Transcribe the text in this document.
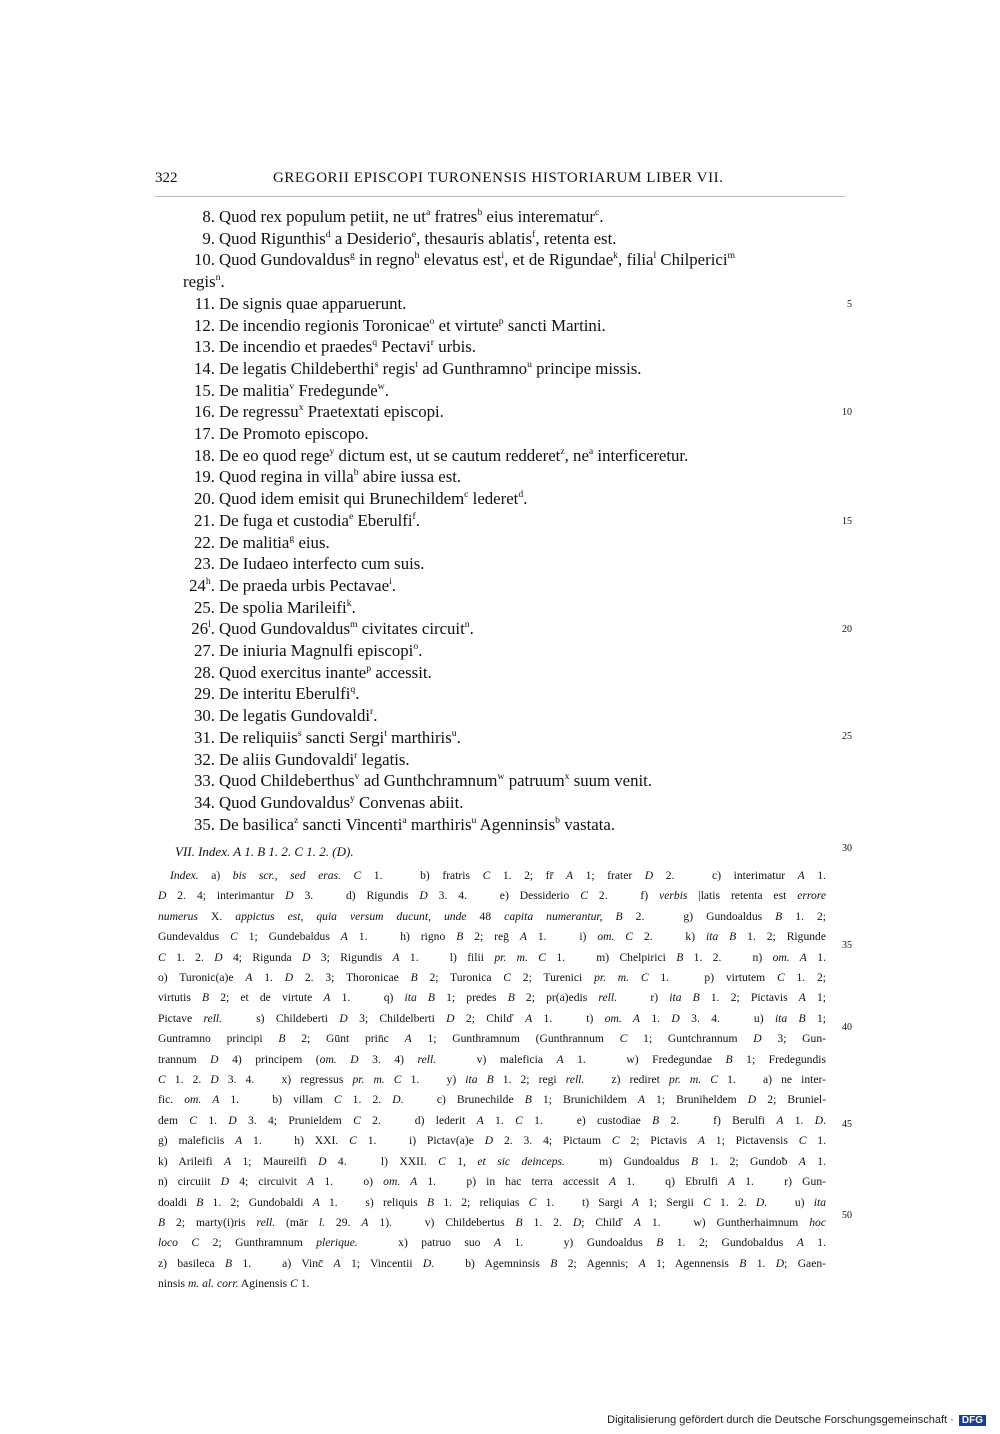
322	GREGORII EPISCOPI TURONENSIS HISTORIARUM LIBER VII.
8. Quod rex populum petiit, ne $ut^a$ fratres$^b$ eius interematur$^c$.
9. Quod Rigunthis$^d$ a Desiderio$^e$, thesauris ablatis$^f$, retenta est.
10. Quod Gundovaldus$^g$ in regno$^h$ elevatus est$^i$, et de Rigundae$^k$, filia$^l$ Chilperici$^m$
regis$^n$.
11. De signis quae apparuerunt.
12. De incendio regionis Toronicae$^o$ et virtute$^p$ sancti Martini.
13. De incendio et praedes$^q$ Pectavi$^r$ urbis.
14. De legatis Childeberthi$^s$ regis$^t$ ad Gunthramno$^u$ principe missis.
15. De malitia$^v$ Fredegunde$^w$.
16. De regressu$^x$ Praetextati episcopi.
17. De Promoto episcopo.
18. De eo quod rege$^y$ dictum est, ut se cautum redderet$^z$, $ne^a$ interficeretur.
19. Quod regina in villa$^b$ abire iussa est.
20. Quod idem emisit qui Brunechildem$^c$ lederet$^d$.
21. De fuga et custodia$^e$ Eberulfi$^f$.
22. De malitia$^g$ eius.
23. De Iudaeo interfecto cum suis.
24$^h$. De praeda urbis Pectavae$^i$.
25. De spolia Marileifi$^k$.
26$^l$. Quod Gundovaldus$^m$ civitates circuit$^n$.
27. De iniuria Magnulfi episcopi$^o$.
28. Quod exercitus inante$^p$ accessit.
29. De interitu Eberulfi$^q$.
30. De legatis Gundovaldi$^r$.
31. De reliquiis$^s$ sancti Sergi$^t$ marthiris$^u$.
32. De aliis Gundovaldi$^r$ legatis.
33. Quod Childeberthus$^v$ ad Gunthchramnum$^w$ patruum$^x$ suum venit.
34. Quod Gundovaldus$^y$ Convenas abiit.
35. De basilica$^z$ sancti Vincenti$^a$ marthiris$^u$ Agenninsis$^b$ vastata.
5
10
15
20
25
30
35
40
45
50
VII. Index. A 1. B 1. 2. C 1. 2. (D).
Index. a) bis scr., sed eras. C 1.   b) fratris C 1. 2; fr̄ A 1; frater D 2.   c) interimatur A 1.
D 2. 4; interimantur D 3.   d) Rigundis D 3. 4.   e) Dessiderio C 2.   f) verbis |latis retenta est errore
numerus X. appictus est, quia versum ducunt, unde 48 capita numerantur, B 2.   g) Gundoaldus B 1. 2;
Gundevaldus C 1; Gundebaldus A 1.   h) rigno B 2; reḡ A 1.   i) om. C 2.   k) ita B 1. 2; Rigunde
C 1. 2. D 4; Rigunda D 3; Rigundis A 1.   l) filii pr. m. C 1.   m) Chelpirici B 1. 2.   n) om. A 1.
o) Turonic(a)e A 1. D 2. 3; Thoronicae B 2; Turonica C 2; Turenici pr. m. C 1.   p) virtutem C 1. 2;
virtutis B 2; et de virtute A 1.   q) ita B 1; predes B 2; pr(a)edis rell.   r) ita B 1. 2; Pictavis A 1;
Pictave rell.   s) Childeberti D 3; Childelberti D 2; Chilď A 1.   t) om. A 1. D 3. 4.   u) ita B 1;
Guntramno principi B 2; Gūnt prin̄c A 1; Gunthramnum (Gunthrannum C 1; Guntchrannum D 3; Gun-
trannum D 4) principem (om. D 3. 4) rell.   v) maleficia A 1.   w) Fredegundae B 1; Fredegundis
C 1. 2. D 3. 4.   x) regressus pr. m. C 1.   y) ita B 1. 2; regi rell.   z) rediret pr. m. C 1.   a) ne inter-
fic. om. A 1.   b) villam C 1. 2. D.   c) Brunechilde B 1; Brunichildem A 1; Bruniheldem D 2; Bruniel-
dem C 1. D 3. 4; Prunieldem C 2.   d) lederit A 1. C 1.   e) custodiae B 2.   f) Berulfi A 1. D.
g) maleficiis A 1.   h) XXI. C 1.   i) Pictav(a)e D 2. 3. 4; Pictaum C 2; Pictavis A 1; Pictavensis C 1.
k) Arileifi A 1; Maureilfi D 4.   l) XXII. C 1, et sic deinceps.   m) Gundoaldus B 1. 2; Gundoƀ A 1.
n) circuiit D 4; circuivit A 1.   o) om. A 1.   p) in hac terra accessit A 1.   q) Ebrulfi A 1.   r) Gun-
doaldi B 1. 2; Gundobaldi A 1.   s) reliquis B 1. 2; reliquias C 1.   t) Sargi A 1; Sergii C 1. 2. D.   u) ita
B 2; marty(i)ris rell. (mār l. 29. A 1).   v) Childebertus B 1. 2. D; Chilď A 1.   w) Guntherhaimnum hoc
loco C 2; Gunthramnum plerique.   x) patruo suo A 1.   y) Gundoaldus B 1. 2; Gundobaldus A 1.
z) basileca B 1.   a) Vinc̄ A 1; Vincentii D.   b) Agemninsis B 2; Agennis; A 1; Agennensis B 1. D; Gaen-
ninsis m. al. corr. Aginensis C 1.
Digitalisierung gefördert durch die Deutsche Forschungsgemeinschaft · DFG
